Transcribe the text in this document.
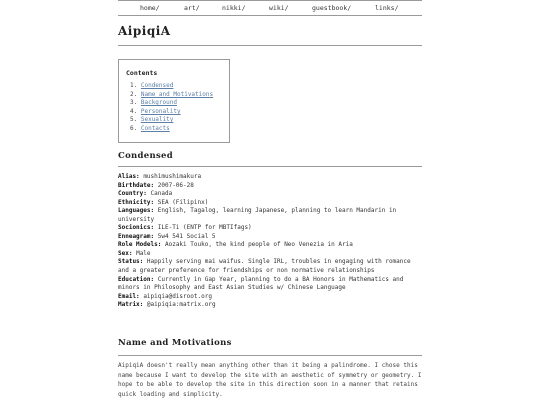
home/	art/	nikki/	wiki/	guestbook/	links/
AipiqiA
Contents
1. Condensed
2. Name and Motivations
3. Background
4. Personality
5. Sexuality
6. Contacts
Condensed
Alias: mushimushimakura
Birthdate: 2007-06-28
Country: Canada
Ethnicity: SEA (Filipinx)
Languages: English, Tagalog, learning Japanese, planning to learn Mandarin in university
Socionics: ILE-Ti (ENTP for MBTIfags)
Enneagram: 5w4 541 Social 5
Role Models: Aozaki Touko, the kind people of Neo Venezia in Aria
Sex: Male
Status: Happily serving mai waifus. Single IRL, troubles in engaging with romance and a greater preference for friendships or non normative relationships
Education: Currently in Gap Year, planning to do a BA Honors in Mathematics and minors in Philosophy and East Asian Studies w/ Chinese Language
Email: aipiqia@disroot.org
Matrix: @aipiqia:matrix.org
Name and Motivations

AipiqiA doesn't really mean anything other than it being a palindrome. I chose this name because I want to develop the site with an aesthetic of symmetry or geometry. I hope to be able to develop the site in this direction soon in a manner that retains quick loading and simplicity.
